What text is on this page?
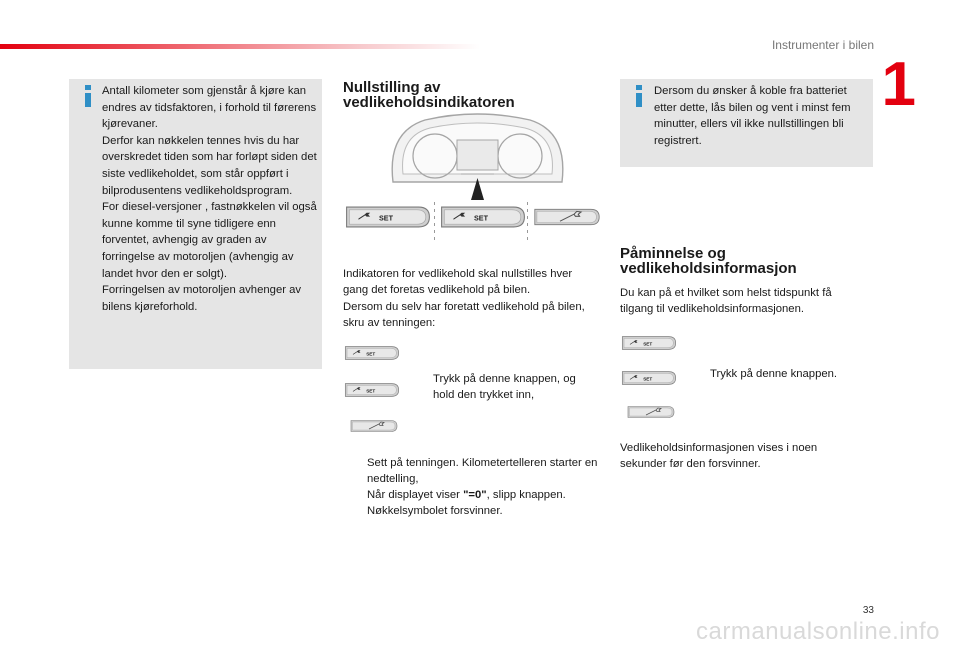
Instrumenter i bilen
1

Antall kilometer som gjenstår å kjøre kan endres av tidsfaktoren, i forhold til førerens kjørevaner.

Derfor kan nøkkelen tennes hvis du har overskredet tiden som har forløpt siden det siste vedlikeholdet, som står oppført i bilprodusentens vedlikeholdsprogram.

For diesel-versjoner , fastnøkkelen vil også kunne komme til syne tidligere enn forventet, avhengig av graden av forringelse av motoroljen (avhengig av landet hvor den er solgt).

Forringelsen av motoroljen avhenger av bilens kjøreforhold.

Nullstilling av
vedlikeholdsindikatoren
SET	SET

Indikatoren for vedlikehold skal nullstilles hver gang det foretas vedlikehold på bilen.

Dersom du selv har foretatt vedlikehold på bilen, skru av tenningen:

SET
SET
Trykk på denne knappen, og hold den trykket inn,
Sett på tenningen. Kilometertelleren starter en nedtelling,
Når displayet viser "=0", slipp knappen.
Nøkkelsymbolet forsvinner.
Dersom du ønsker å koble fra batteriet etter dette, lås bilen og vent i minst fem minutter, ellers vil ikke nullstillingen bli registrert.
Påminnelse og
vedlikeholdsinformasjon
Du kan på et hvilket som helst tidspunkt få tilgang til vedlikeholdsinformasjonen.
SET
SET	Trykk på denne knappen.
Vedlikeholdsinformasjonen vises i noen sekunder før den forsvinner.
33
carmanualsonline.info
